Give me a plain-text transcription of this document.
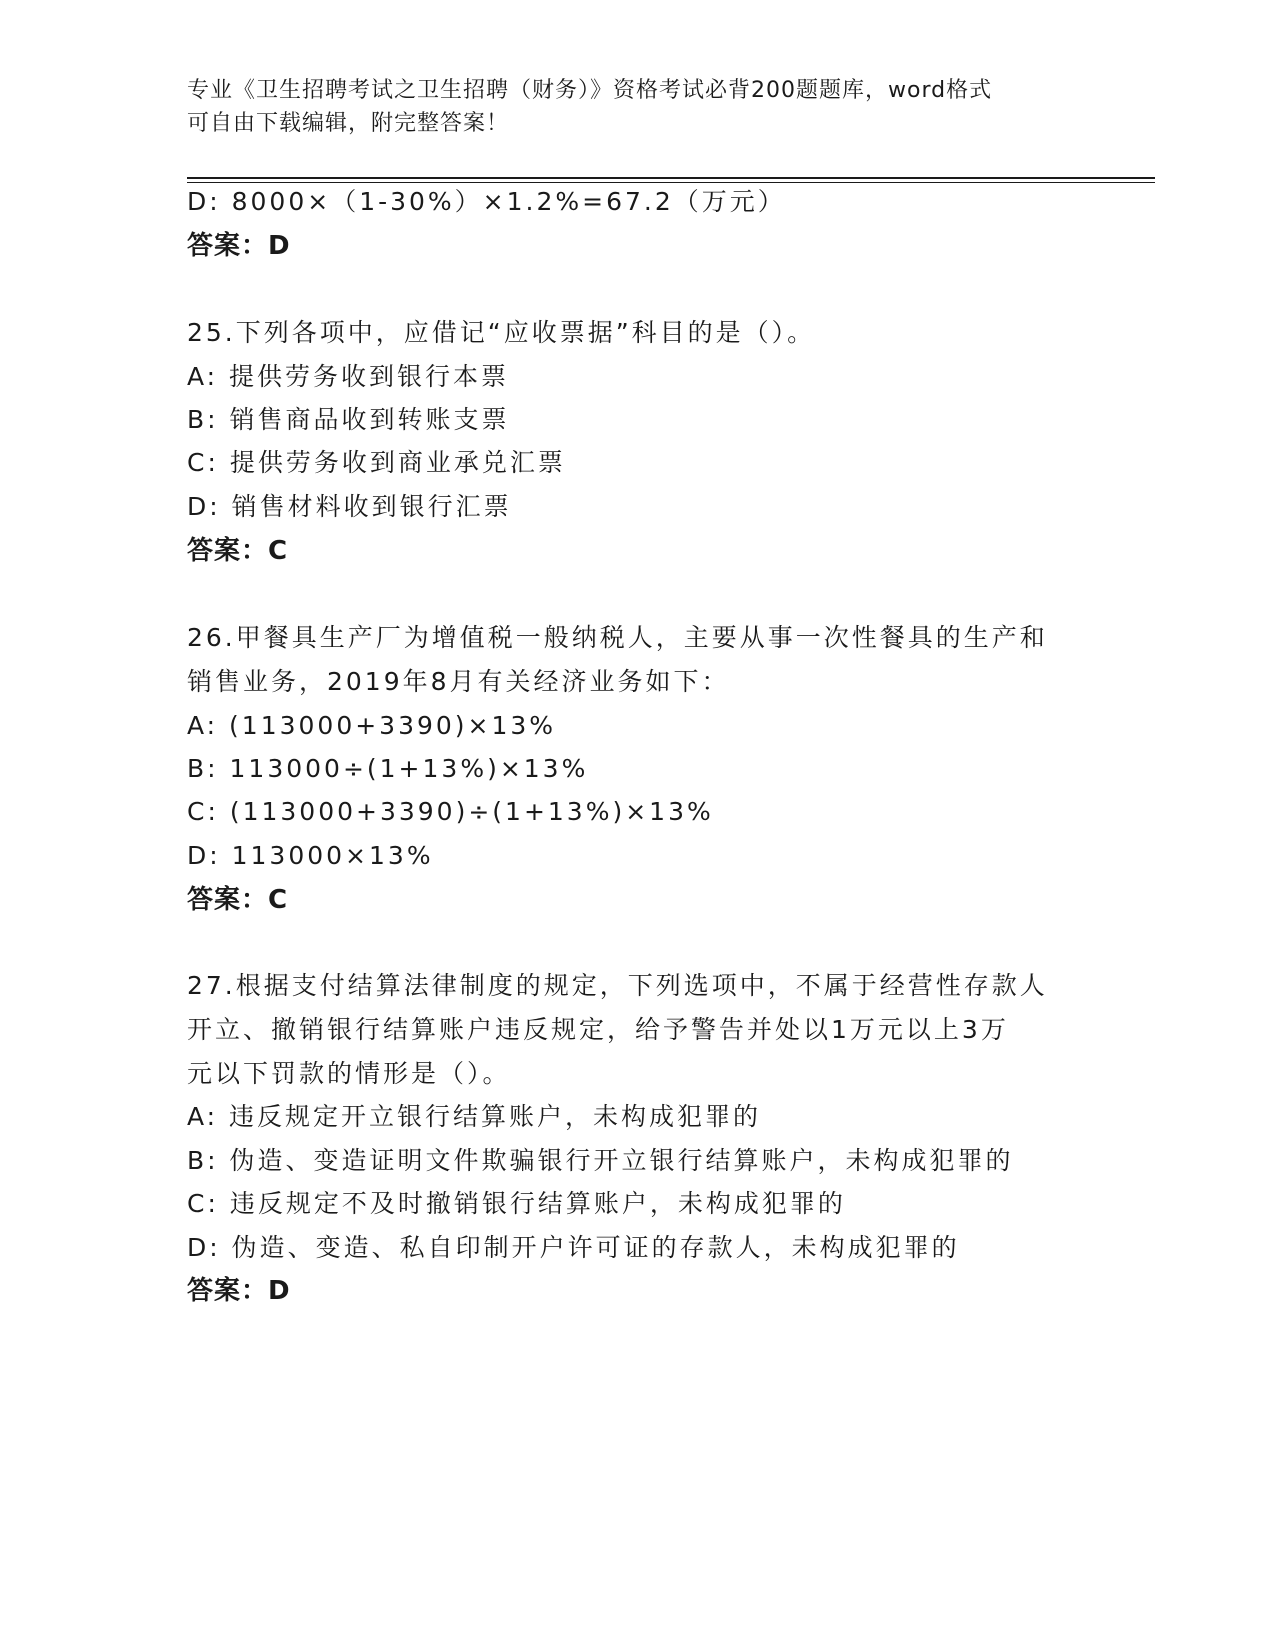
专业《卫生招聘考试之卫生招聘（财务）》资格考试必背200题题库，word格式
可自由下载编辑，附完整答案！
D: 8000×（1-30%）×1.2%=67.2（万元）
答案：D
25.下列各项中，应借记“应收票据”科目的是（）。
A: 提供劳务收到银行本票
B: 销售商品收到转账支票
C: 提供劳务收到商业承兑汇票
D: 销售材料收到银行汇票
答案：C
26.甲餐具生产厂为增值税一般纳税人，主要从事一次性餐具的生产和
销售业务，2019年8月有关经济业务如下：
A: (113000+3390)×13%
B: 113000÷(1+13%)×13%
C: (113000+3390)÷(1+13%)×13%
D: 113000×13%
答案：C
27.根据支付结算法律制度的规定，下列选项中，不属于经营性存款人
开立、撤销银行结算账户违反规定，给予警告并处以1万元以上3万
元以下罚款的情形是（）。
A: 违反规定开立银行结算账户，未构成犯罪的
B: 伪造、变造证明文件欺骗银行开立银行结算账户，未构成犯罪的
C: 违反规定不及时撤销银行结算账户，未构成犯罪的
D: 伪造、变造、私自印制开户许可证的存款人，未构成犯罪的
答案：D
